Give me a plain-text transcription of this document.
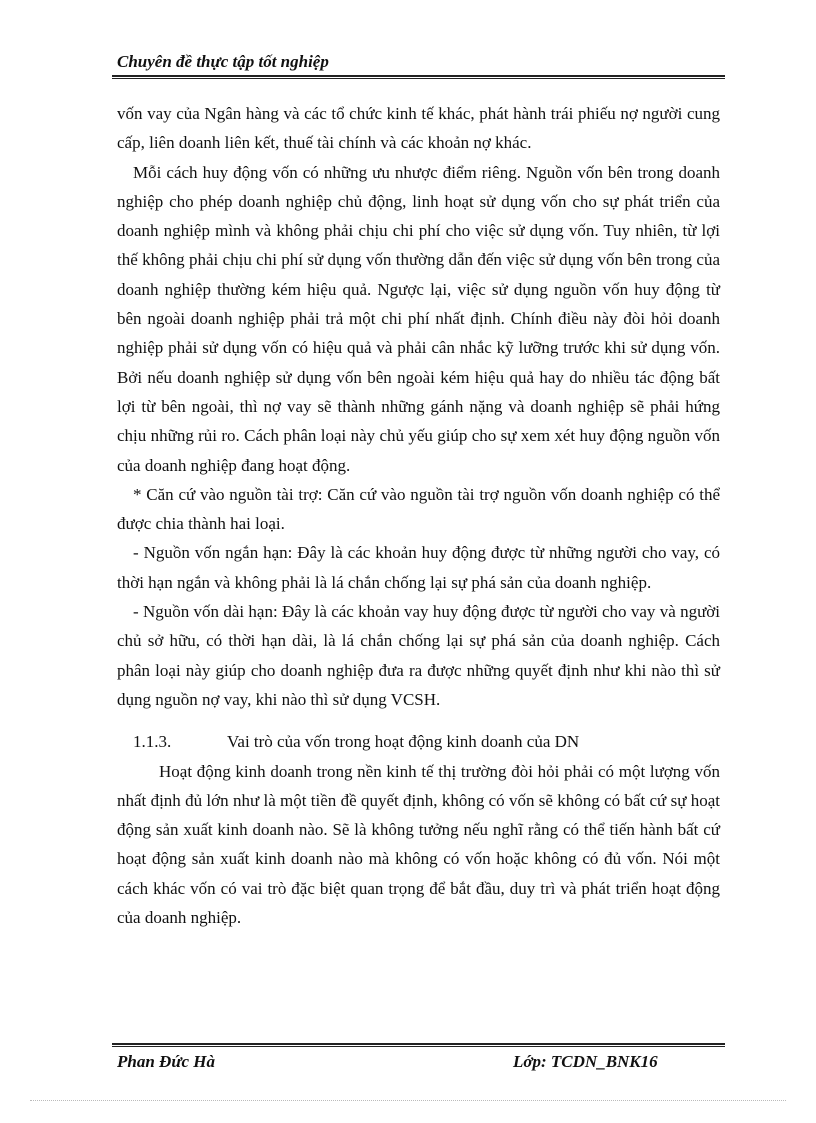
Chuyên đề thực tập tốt nghiệp

vốn vay của Ngân hàng và các tổ chức kinh tế khác, phát hành trái phiếu nợ người cung cấp, liên doanh liên kết, thuế tài chính và các khoản nợ khác.

Mỗi cách huy động vốn có những ưu nhược điểm riêng. Nguồn vốn bên trong doanh nghiệp cho phép doanh nghiệp chủ động, linh hoạt sử dụng vốn cho sự phát triển của doanh nghiệp mình và không phải chịu chi phí cho việc sử dụng vốn. Tuy nhiên, từ lợi thế không phải chịu chi phí sử dụng vốn thường dẫn đến việc sử dụng vốn bên trong của doanh nghiệp thường kém hiệu quả. Ngược lại, việc sử dụng nguồn vốn huy động từ bên ngoài doanh nghiệp phải trả một chi phí nhất định. Chính điều này đòi hỏi doanh nghiệp phải sử dụng vốn có hiệu quả và phải cân nhắc kỹ lưỡng trước khi sử dụng vốn. Bởi nếu doanh nghiệp sử dụng vốn bên ngoài kém hiệu quả hay do nhiều tác động bất lợi từ bên ngoài, thì nợ vay sẽ thành những gánh nặng và doanh nghiệp sẽ phải hứng chịu những rủi ro. Cách phân loại này chủ yếu giúp cho sự xem xét huy động nguồn vốn của doanh nghiệp đang hoạt động.

* Căn cứ vào nguồn tài trợ: Căn cứ vào nguồn tài trợ nguồn vốn doanh nghiệp có thể được chia thành hai loại.

- Nguồn vốn ngắn hạn: Đây là các khoản huy động được từ những người cho vay, có thời hạn ngắn và không phải là lá chắn chống lại sự phá sản của doanh nghiệp.

- Nguồn vốn dài hạn: Đây là các khoản vay huy động được từ người cho vay và người chủ sở hữu, có thời hạn dài, là lá chắn chống lại sự phá sản của doanh nghiệp. Cách phân loại này giúp cho doanh nghiệp đưa ra được những quyết định như khi nào thì sử dụng nguồn nợ vay, khi nào thì sử dụng VCSH.

1.1.3.	Vai trò của vốn trong hoạt động kinh doanh của DN

Hoạt động kinh doanh trong nền kinh tế thị trường đòi hỏi phải có một lượng vốn nhất định đủ lớn như là một tiền đề quyết định, không có vốn sẽ không có bất cứ sự hoạt động sản xuất kinh doanh nào. Sẽ là không tưởng nếu nghĩ rằng có thể tiến hành bất cứ hoạt động sản xuất kinh doanh nào mà không có vốn hoặc không có đủ vốn. Nói một cách khác vốn có vai trò đặc biệt quan trọng để bắt đầu, duy trì và phát triển hoạt động của doanh nghiệp.

Phan Đức Hà	Lớp: TCDN_BNK16
